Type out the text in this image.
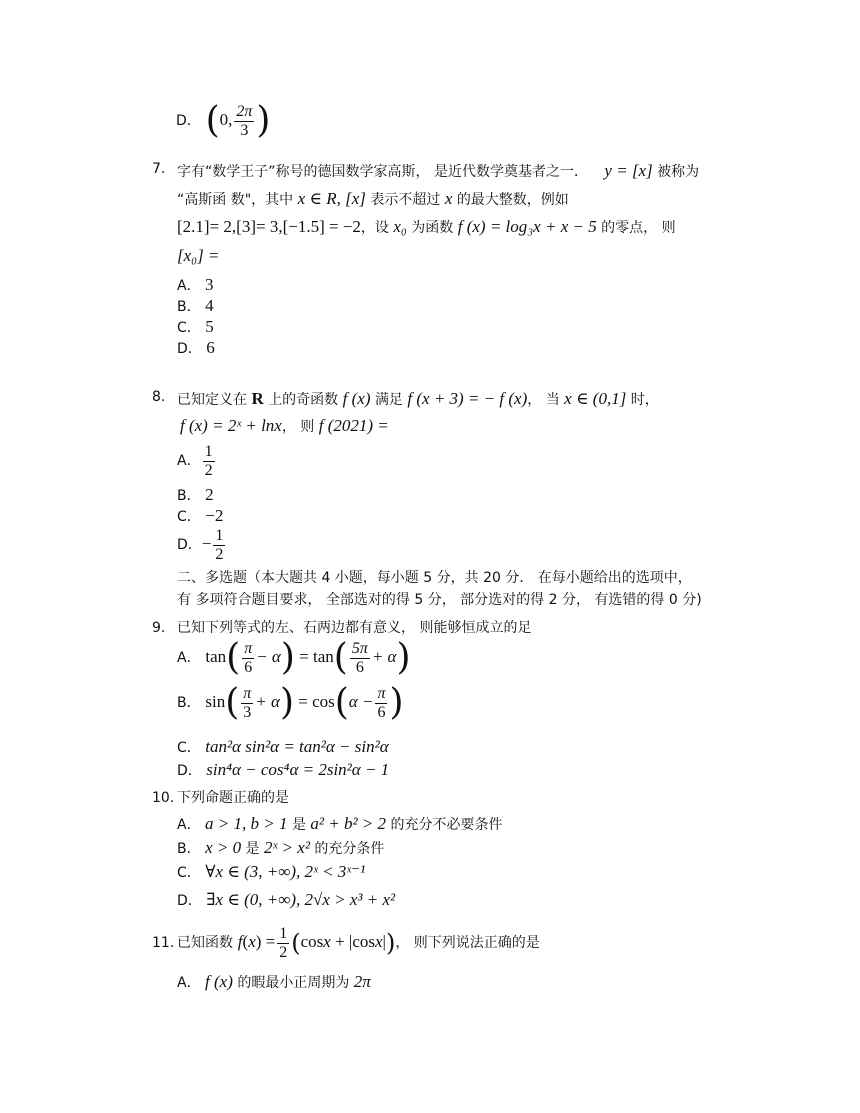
D． (0, $\frac{2\pi}{3}$ )
7. 字有“数学王子”称号的德国数学家高斯， 是近代数学奠基者之一． y = [x] 被称为
“高斯函 数"，其中 x ∈ R, [x] 表示不超过 x 的最大整数，例如
[2.1]= 2,[3]= 3,[−1.5] = −2，设 x₀ 为函数 f (x) = log₃x + x − 5 的零点， 则
[x₀] =
A． 3
B． 4
C． 5
D． 6
8. 已知定义在 R 上的奇函数 f (x) 满足 f (x + 3) = − f (x)， 当 x ∈ (0,1] 时，
f (x) = 2ˣ + lnx， 则 f (2021) =
A． $\frac{1}{2}$
B． 2
C． −2
D．− $\frac{1}{2}$
二、多选题（本大题共 4 小题，每小题 5 分，共 20 分． 在每小题给出的选项中，
有 多项符合题目要求， 全部选对的得 5 分， 部分选对的得 2 分， 有选错的得 0 分)
9. 已知下列等式的左、石两边都有意义， 则能够恒成立的足
A． $\tan( \frac{\pi}{6} - \alpha) = \tan( \frac{5\pi}{6} + \alpha)$
B． $\sin( \frac{\pi}{3} + \alpha) = \cos(\alpha - \frac{\pi}{6}$ )
C． tan²α sin²α = tan²α − sin²α
D． sin⁴α − cos⁴α = 2sin²α − 1
10. 下列命题正确的是
A． a > 1, b > 1 是 a² + b² > 2 的充分不必要条件
B． x > 0 是 2ˣ > x² 的充分条件
C． ∀x ∈ (3, +∞), 2ˣ < 3ˣ⁻¹
D． ∃x ∈ (0, +∞), 2√x > x³ + x²
11. 已知函数 $f(x) = \frac{1}{2} (\cos x + |\cos x|)$， 则下列说法正确的是
A． f (x) 的暇最小正周期为 2π
